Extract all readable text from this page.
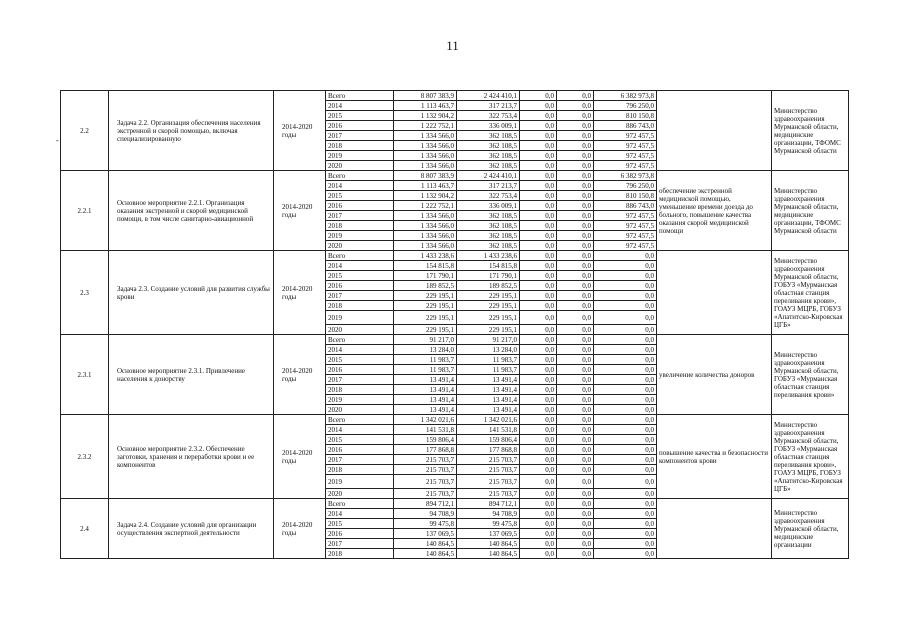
11
-
2.2	Задача 2.2. Организация обеспечения населения экстренной и скорой помощью, включая специализированную	2014-2020 годы	Всего	8 807 383,9	2 424 410,1	0,0	0,0	6 382 973,8		Министерство здравоохранения Мурманской области, медицинские организации, ТФОМС Мурманской области
			2014	1 113 463,7	317 213,7	0,0	0,0	796 250,0		
			2015	1 132 904,2	322 753,4	0,0	0,0	810 150,8		
			2016	1 222 752,1	336 009,1	0,0	0,0	886 743,0		
			2017	1 334 566,0	362 108,5	0,0	0,0	972 457,5		
			2018	1 334 566,0	362 108,5	0,0	0,0	972 457,5		
			2019	1 334 566,0	362 108,5	0,0	0,0	972 457,5		
			2020	1 334 566,0	362 108,5	0,0	0,0	972 457,5		
2.2.1	Основное мероприятие 2.2.1. Организация оказания экстренной и скорой медицинской помощи, в том числе санитарно-авиационной	2014-2020 годы	Всего	8 807 383,9	2 424 410,1	0,0	0,0	6 382 973,8	обеспечение экстренной медицинской помощью, уменьшение времени доезда до больного, повышение качества оказания скорой медицинской помощи	Министерство здравоохранения Мурманской области, медицинские организации, ТФОМС Мурманской области
			2014	1 113 463,7	317 213,7	0,0	0,0	796 250,0		
			2015	1 132 904,2	322 753,4	0,0	0,0	810 150,8		
			2016	1 222 752,1	336 009,1	0,0	0,0	886 743,0		
			2017	1 334 566,0	362 108,5	0,0	0,0	972 457,5		
			2018	1 334 566,0	362 108,5	0,0	0,0	972 457,5		
			2019	1 334 566,0	362 108,5	0,0	0,0	972 457,5		
			2020	1 334 566,0	362 108,5	0,0	0,0	972 457,5		
2.3	Задача 2.3. Создание условий для развития службы крови	2014-2020 годы	Всего	1 433 238,6	1 433 238,6	0,0	0,0	0,0		Министерство здравоохранения Мурманской области, ГОБУЗ «Мурманская областная станция переливания крови», ГОАУЗ МЦРБ, ГОБУЗ «Апатитско-Кировская ЦГБ»
			2014	154 815,8	154 815,8	0,0	0,0	0,0		
			2015	171 790,1	171 790,1	0,0	0,0	0,0		
			2016	189 852,5	189 852,5	0,0	0,0	0,0		
			2017	229 195,1	229 195,1	0,0	0,0	0,0		
			2018	229 195,1	229 195,1	0,0	0,0	0,0		
			2019	229 195,1	229 195,1	0,0	0,0	0,0		
			2020	229 195,1	229 195,1	0,0	0,0	0,0		
2.3.1	Основное мероприятие 2.3.1. Привлечение населения к донорству	2014-2020 годы	Всего	91 217,0	91 217,0	0,0	0,0	0,0	увеличение количества доноров	Министерство здравоохранения Мурманской области, ГОБУЗ «Мурманская областная станция переливания крови»
			2014	13 284,0	13 284,0	0,0	0,0	0,0		
			2015	11 983,7	11 983,7	0,0	0,0	0,0		
			2016	11 983,7	11 983,7	0,0	0,0	0,0		
			2017	13 491,4	13 491,4	0,0	0,0	0,0		
			2018	13 491,4	13 491,4	0,0	0,0	0,0		
			2019	13 491,4	13 491,4	0,0	0,0	0,0		
			2020	13 491,4	13 491,4	0,0	0,0	0,0		
2.3.2	Основное мероприятие 2.3.2. Обеспечение заготовки, хранения и переработки крови и ее компонентов	2014-2020 годы	Всего	1 342 021,6	1 342 021,6	0,0	0,0	0,0	повышение качества и безопасности компонентов крови	Министерство здравоохранения Мурманской области, ГОБУЗ «Мурманская областная станция переливания крови», ГОАУЗ МЦРБ, ГОБУЗ «Апатитско-Кировская ЦГБ»
			2014	141 531,8	141 531,8	0,0	0,0	0,0		
			2015	159 806,4	159 806,4	0,0	0,0	0,0		
			2016	177 868,8	177 868,8	0,0	0,0	0,0		
			2017	215 703,7	215 703,7	0,0	0,0	0,0		
			2018	215 703,7	215 703,7	0,0	0,0	0,0		
			2019	215 703,7	215 703,7	0,0	0,0	0,0		
			2020	215 703,7	215 703,7	0,0	0,0	0,0		
2.4	Задача 2.4. Создание условий для организации осуществления экспертной деятельности	2014-2020 годы	Всего	894 712,1	894 712,1	0,0	0,0	0,0		Министерство здравоохранения Мурманской области, медицинские организации
			2014	94 708,9	94 708,9	0,0	0,0	0,0		
			2015	99 475,8	99 475,8	0,0	0,0	0,0		
			2016	137 069,5	137 069,5	0,0	0,0	0,0		
			2017	140 864,5	140 864,5	0,0	0,0	0,0		
			2018	140 864,5	140 864,5	0,0	0,0	0,0		
